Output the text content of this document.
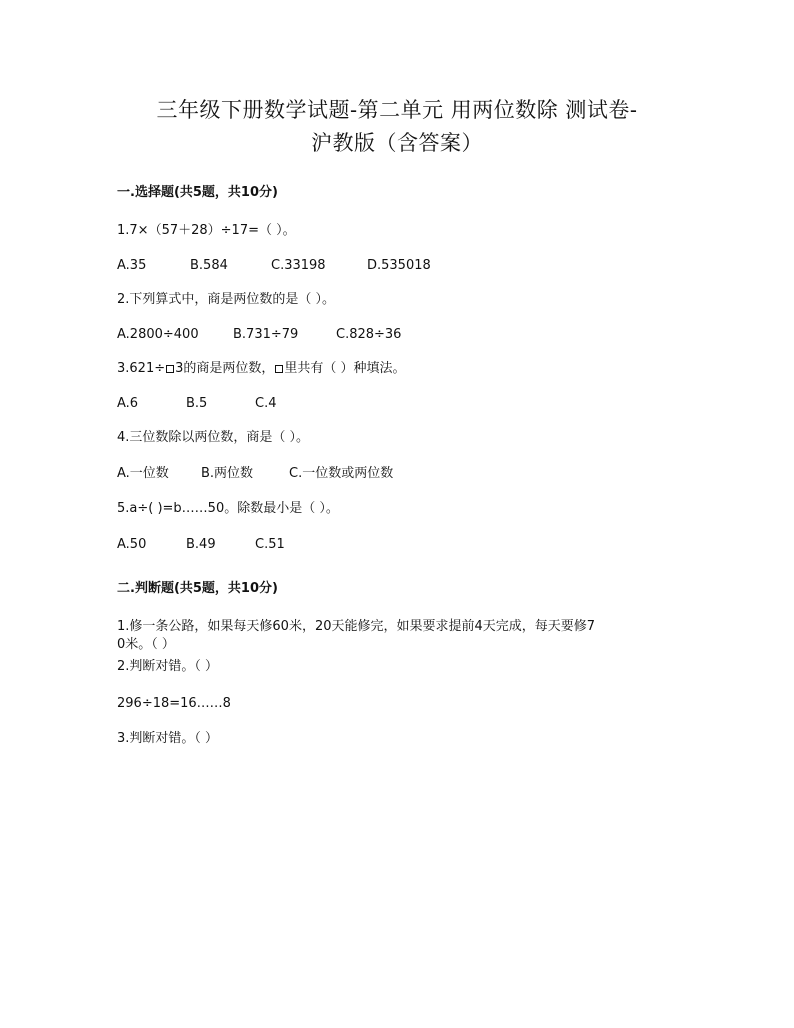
三年级下册数学试题-第二单元 用两位数除 测试卷-
沪教版（含答案）
一.选择题(共5题，共10分)
1.7×（57＋28）÷17=（ ）。
A.35	B.584	C.33198	D.535018
2.下列算式中，商是两位数的是（ ）。
A.2800÷400	B.731÷79	C.828÷36
3.621÷ 3的商是两位数， 里共有（ ）种填法。
A.6	B.5	C.4
4.三位数除以两位数，商是（ ）。
A.一位数 B.两位数	C.一位数或两位数
5.a÷( )=b……50。除数最小是（ ）。
A.50	B.49	C.51
二.判断题(共5题，共10分)
1.修一条公路，如果每天修60米，20天能修完，如果要求提前4天完成，每天要修7
0米。（ ）
2.判断对错。（ ）
296÷18=16……8
3.判断对错。（ ）
